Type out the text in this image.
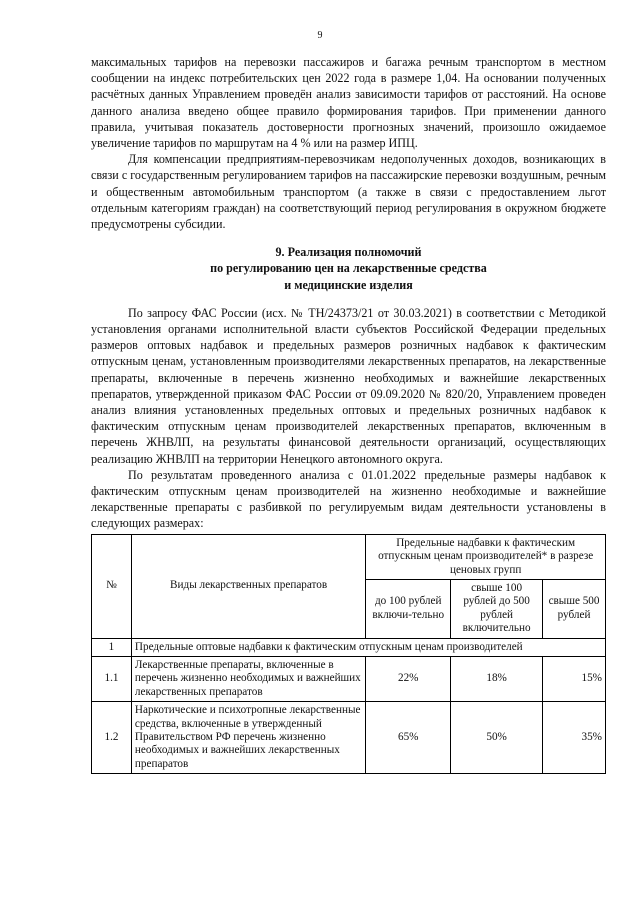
9

максимальных тарифов на перевозки пассажиров и багажа речным транспортом в местном сообщении на индекс потребительских цен 2022 года в размере 1,04. На основании полученных расчётных данных Управлением проведён анализ зависимости тарифов от расстояний. На основе данного анализа введено общее правило формирования тарифов. При применении данного правила, учитывая показатель достоверности прогнозных значений, произошло ожидаемое увеличение тарифов по маршрутам на 4 % или на размер ИПЦ.

Для компенсации предприятиям-перевозчикам недополученных доходов, возникающих в связи с государственным регулированием тарифов на пассажирские перевозки воздушным, речным и общественным автомобильным транспортом (а также в связи с предоставлением льгот отдельным категориям граждан) на соответствующий период регулирования в окружном бюджете предусмотрены субсидии.

9. Реализация полномочий
по регулированию цен на лекарственные средства
и медицинские изделия

По запросу ФАС России (исх. № ТН/24373/21 от 30.03.2021) в соответствии с Методикой установления органами исполнительной власти субъектов Российской Федерации предельных размеров оптовых надбавок и предельных размеров розничных надбавок к фактическим отпускным ценам, установленным производителями лекарственных препаратов, на лекарственные препараты, включенные в перечень жизненно необходимых и важнейшие лекарственных препаратов, утвержденной приказом ФАС России от 09.09.2020 № 820/20, Управлением проведен анализ влияния установленных предельных оптовых и предельных розничных надбавок к фактическим отпускным ценам производителей лекарственных препаратов, включенным в перечень ЖНВЛП, на результаты финансовой деятельности организаций, осуществляющих реализацию ЖНВЛП на территории Ненецкого автономного округа.

По результатам проведенного анализа с 01.01.2022 предельные размеры надбавок к фактическим отпускным ценам производителей на жизненно необходимые и важнейшие лекарственные препараты с разбивкой по регулируемым видам деятельности установлены в следующих размерах:

№	Виды лекарственных препаратов	Предельные надбавки к фактическим отпускным ценам производителей* в разрезе ценовых групп		
		до 100 рублей включи-тельно	свыше 100 рублей до 500 рублей включительно	свыше 500 рублей
1	Предельные оптовые надбавки к фактическим отпускным ценам производителей			
1.1	Лекарственные препараты, включенные в перечень жизненно необходимых и важнейших лекарственных препаратов	22%	18%	15%
1.2	Наркотические и психотропные лекарственные средства, включенные в утвержденный Правительством РФ перечень жизненно необходимых и важнейших лекарственных препаратов	65%	50%	35%
